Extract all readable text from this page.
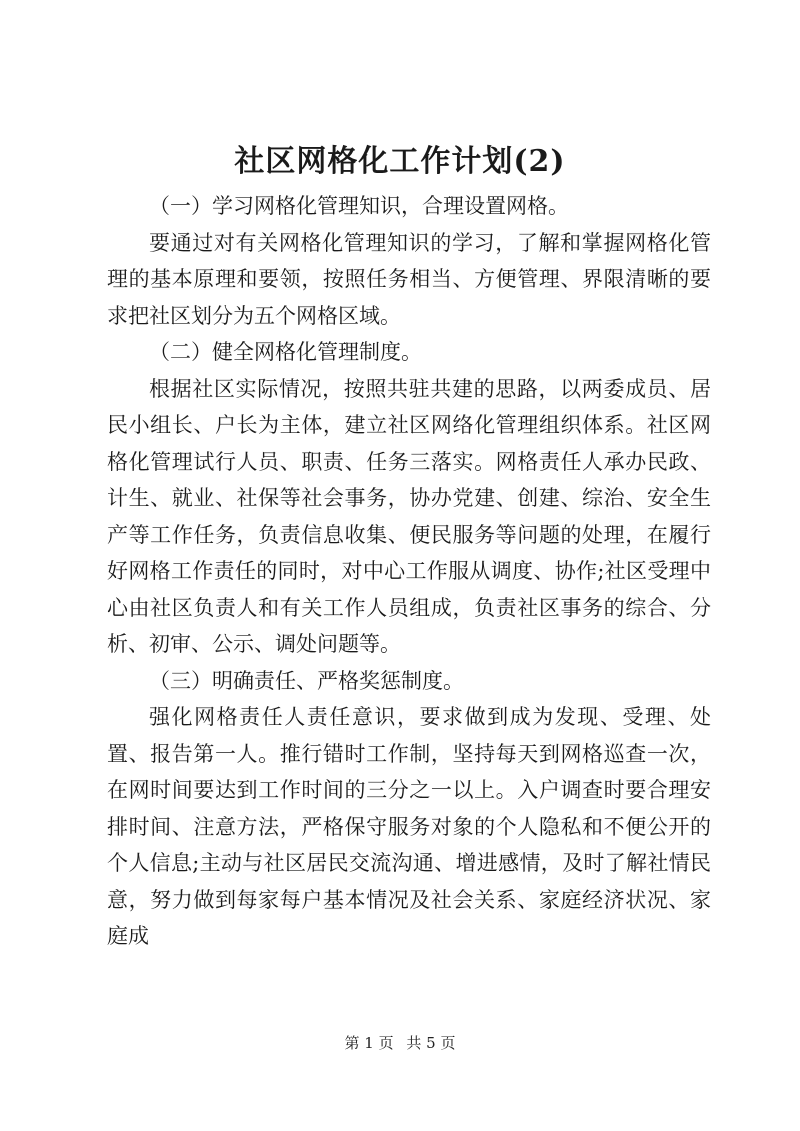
社区网格化工作计划(2)

（一）学习网格化管理知识，合理设置网格。

要通过对有关网格化管理知识的学习，了解和掌握网格化管理的基本原理和要领，按照任务相当、方便管理、界限清晰的要求把社区划分为五个网格区域。

（二）健全网格化管理制度。

根据社区实际情况，按照共驻共建的思路，以两委成员、居民小组长、户长为主体，建立社区网络化管理组织体系。社区网格化管理试行人员、职责、任务三落实。网格责任人承办民政、计生、就业、社保等社会事务，协办党建、创建、综治、安全生产等工作任务，负责信息收集、便民服务等问题的处理，在履行好网格工作责任的同时，对中心工作服从调度、协作;社区受理中心由社区负责人和有关工作人员组成，负责社区事务的综合、分析、初审、公示、调处问题等。

（三）明确责任、严格奖惩制度。

强化网格责任人责任意识，要求做到成为发现、受理、处置、报告第一人。推行错时工作制，坚持每天到网格巡查一次，在网时间要达到工作时间的三分之一以上。入户调查时要合理安排时间、注意方法，严格保守服务对象的个人隐私和不便公开的个人信息;主动与社区居民交流沟通、增进感情，及时了解社情民意，努力做到每家每户基本情况及社会关系、家庭经济状况、家庭成

第 1 页 共 5 页
